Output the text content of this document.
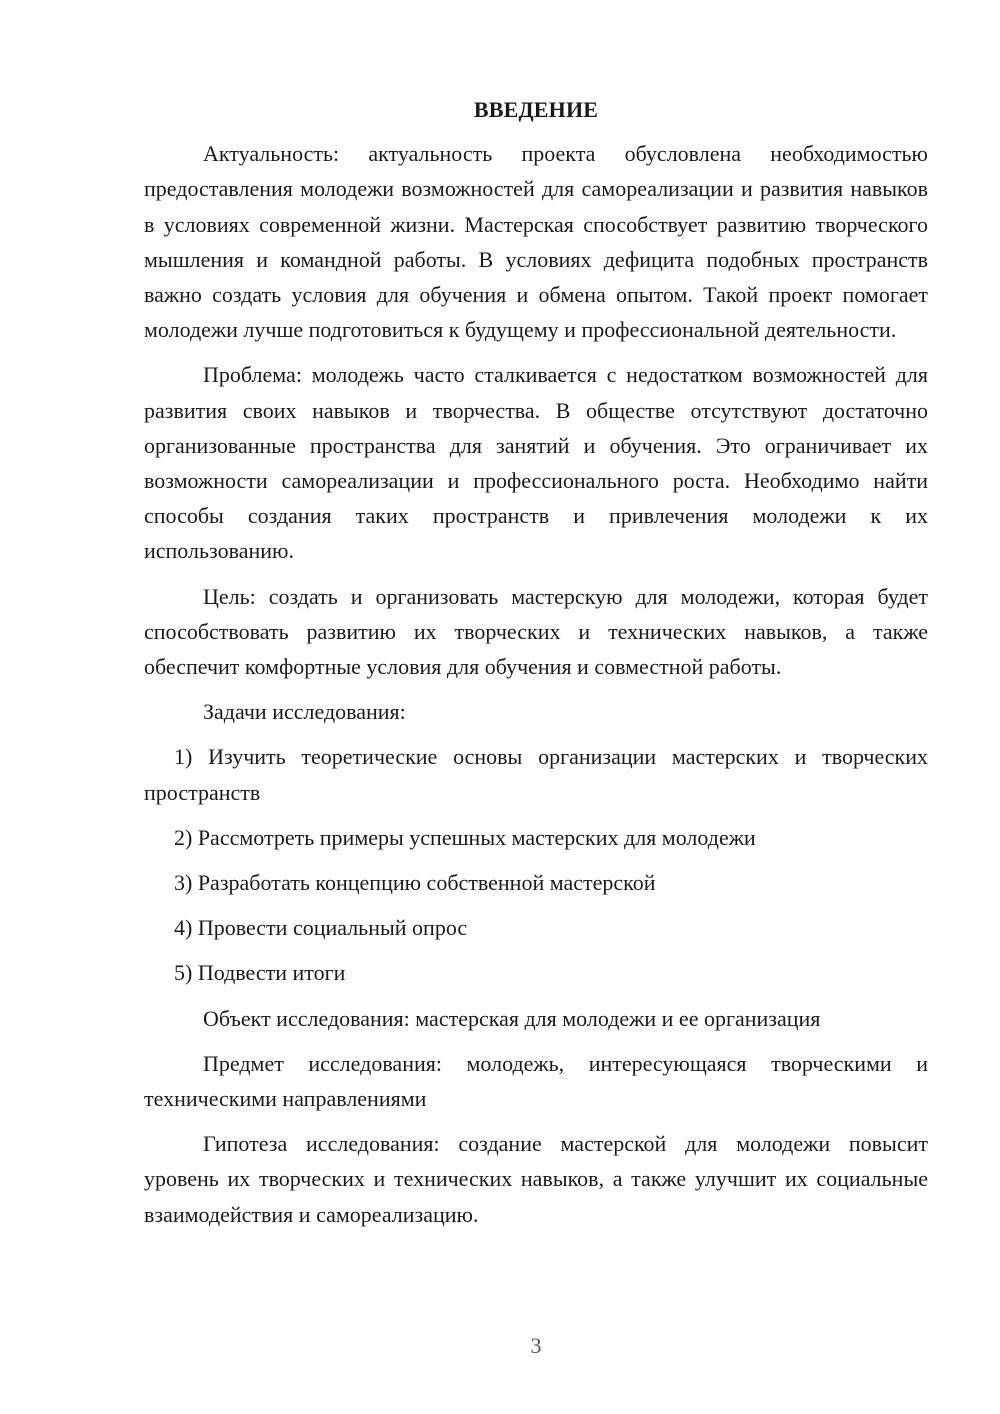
ВВЕДЕНИЕ
Актуальность: актуальность проекта обусловлена необходимостью предоставления молодежи возможностей для самореализации и развития навыков в условиях современной жизни. Мастерская способствует развитию творческого мышления и командной работы. В условиях дефицита подобных пространств важно создать условия для обучения и обмена опытом. Такой проект помогает молодежи лучше подготовиться к будущему и профессиональной деятельности.
Проблема: молодежь часто сталкивается с недостатком возможностей для развития своих навыков и творчества. В обществе отсутствуют достаточно организованные пространства для занятий и обучения. Это ограничивает их возможности самореализации и профессионального роста. Необходимо найти способы создания таких пространств и привлечения молодежи к их использованию.
Цель: создать и организовать мастерскую для молодежи, которая будет способствовать развитию их творческих и технических навыков, а также обеспечит комфортные условия для обучения и совместной работы.
Задачи исследования:
1) Изучить теоретические основы организации мастерских и творческих пространств
2) Рассмотреть примеры успешных мастерских для молодежи
3) Разработать концепцию собственной мастерской
4) Провести социальный опрос
5) Подвести итоги
Объект исследования: мастерская для молодежи и ее организация
Предмет исследования: молодежь, интересующаяся творческими и техническими направлениями
Гипотеза исследования: создание мастерской для молодежи повысит уровень их творческих и технических навыков, а также улучшит их социальные взаимодействия и самореализацию.
3
